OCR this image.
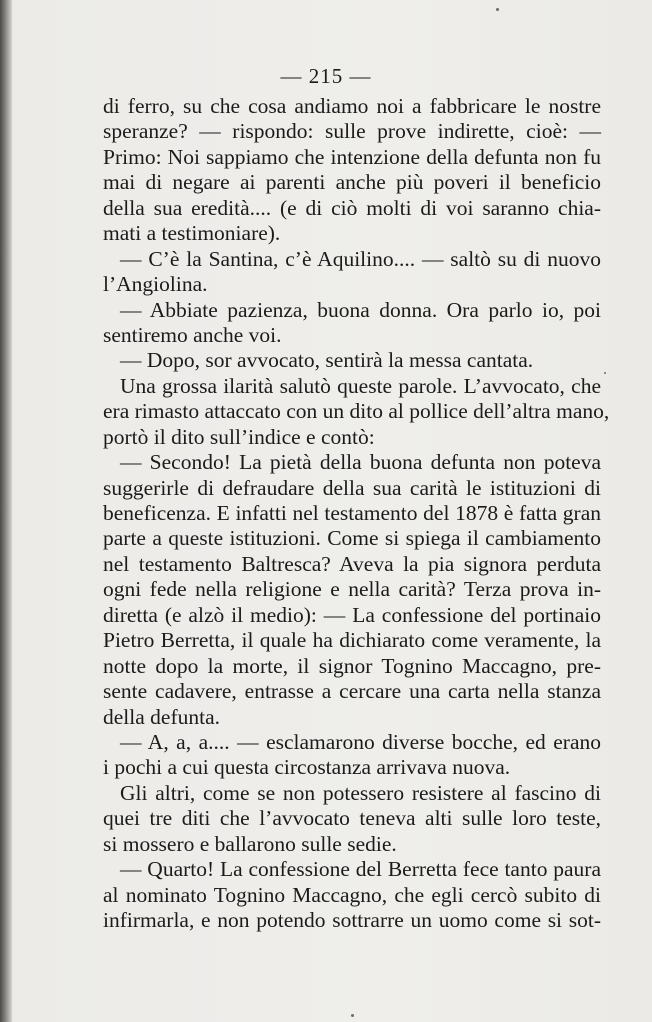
— 215 —
di ferro, su che cosa andiamo noi a fabbricare le nostre
speranze? — rispondo: sulle prove indirette, cioè: —
Primo: Noi sappiamo che intenzione della defunta non fu
mai di negare ai parenti anche più poveri il beneficio
della sua eredità.... (e di ciò molti di voi saranno chia-
mati a testimoniare).
— C’è la Santina, c’è Aquilino.... — saltò su di nuovo
l’Angiolina.
— Abbiate pazienza, buona donna. Ora parlo io, poi
sentiremo anche voi.
— Dopo, sor avvocato, sentirà la messa cantata.
Una grossa ilarità salutò queste parole. L’avvocato, che
era rimasto attaccato con un dito al pollice dell’altra mano,
portò il dito sull’indice e contò:
— Secondo! La pietà della buona defunta non poteva
suggerirle di defraudare della sua carità le istituzioni di
beneficenza. E infatti nel testamento del 1878 è fatta gran
parte a queste istituzioni. Come si spiega il cambiamento
nel testamento Baltresca? Aveva la pia signora perduta
ogni fede nella religione e nella carità? Terza prova in-
diretta (e alzò il medio): — La confessione del portinaio
Pietro Berretta, il quale ha dichiarato come veramente, la
notte dopo la morte, il signor Tognino Maccagno, pre-
sente cadavere, entrasse a cercare una carta nella stanza
della defunta.
— A, a, a.... — esclamarono diverse bocche, ed erano
i pochi a cui questa circostanza arrivava nuova.
Gli altri, come se non potessero resistere al fascino di
quei tre diti che l’avvocato teneva alti sulle loro teste,
si mossero e ballarono sulle sedie.
— Quarto! La confessione del Berretta fece tanto paura
al nominato Tognino Maccagno, che egli cercò subito di
infirmarla, e non potendo sottrarre un uomo come si sot-
